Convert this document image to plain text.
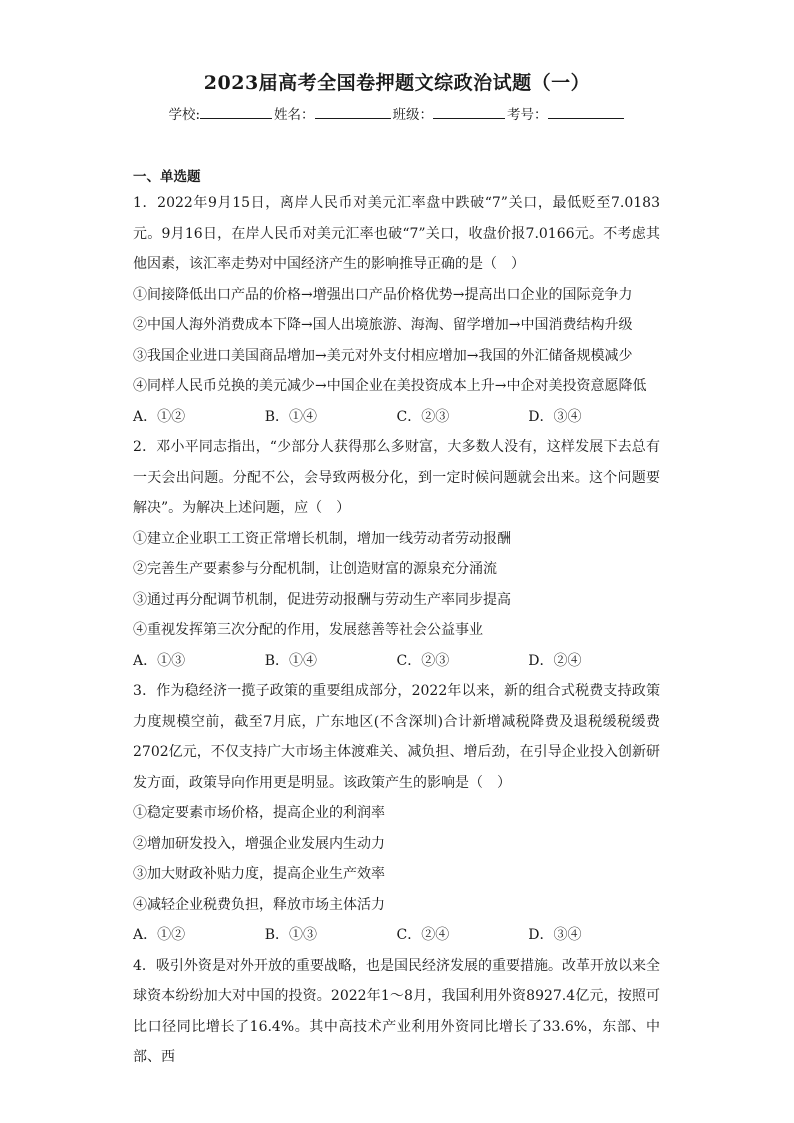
2023届高考全国卷押题文综政治试题（一）
学校:	姓名：	班级：	考号：
一、单选题

1．2022年9月15日，离岸人民币对美元汇率盘中跌破“7”关口，最低贬至7.0183元。9月16日，在岸人民币对美元汇率也破“7”关口，收盘价报7.0166元。不考虑其他因素，该汇率走势对中国经济产生的影响推导正确的是（　）

①间接降低出口产品的价格→增强出口产品价格优势→提高出口企业的国际竞争力

②中国人海外消费成本下降→国人出境旅游、海淘、留学增加→中国消费结构升级

③我国企业进口美国商品增加→美元对外支付相应增加→我国的外汇储备规模减少

④同样人民币兑换的美元减少→中国企业在美投资成本上升→中企对美投资意愿降低

A．①②	B．①④	C．②③	D．③④

2．邓小平同志指出，“少部分人获得那么多财富，大多数人没有，这样发展下去总有一天会出问题。分配不公，会导致两极分化，到一定时候问题就会出来。这个问题要解决”。为解决上述问题，应（　）

①建立企业职工工资正常增长机制，增加一线劳动者劳动报酬

②完善生产要素参与分配机制，让创造财富的源泉充分涌流

③通过再分配调节机制，促进劳动报酬与劳动生产率同步提高

④重视发挥第三次分配的作用，发展慈善等社会公益事业

A．①③	B．①④	C．②③	D．②④

3．作为稳经济一揽子政策的重要组成部分，2022年以来，新的组合式税费支持政策力度规模空前，截至7月底，广东地区(不含深圳)合计新增减税降费及退税缓税缓费2702亿元，不仅支持广大市场主体渡难关、减负担、增后劲，在引导企业投入创新研发方面，政策导向作用更是明显。该政策产生的影响是（　）

①稳定要素市场价格，提高企业的利润率

②增加研发投入，增强企业发展内生动力

③加大财政补贴力度，提高企业生产效率

④减轻企业税费负担，释放市场主体活力

A．①②	B．①③	C．②④	D．③④

4．吸引外资是对外开放的重要战略，也是国民经济发展的重要措施。改革开放以来全球资本纷纷加大对中国的投资。2022年1～8月，我国利用外资8927.4亿元，按照可比口径同比增长了16.4%。其中高技术产业利用外资同比增长了33.6%，东部、中部、西
